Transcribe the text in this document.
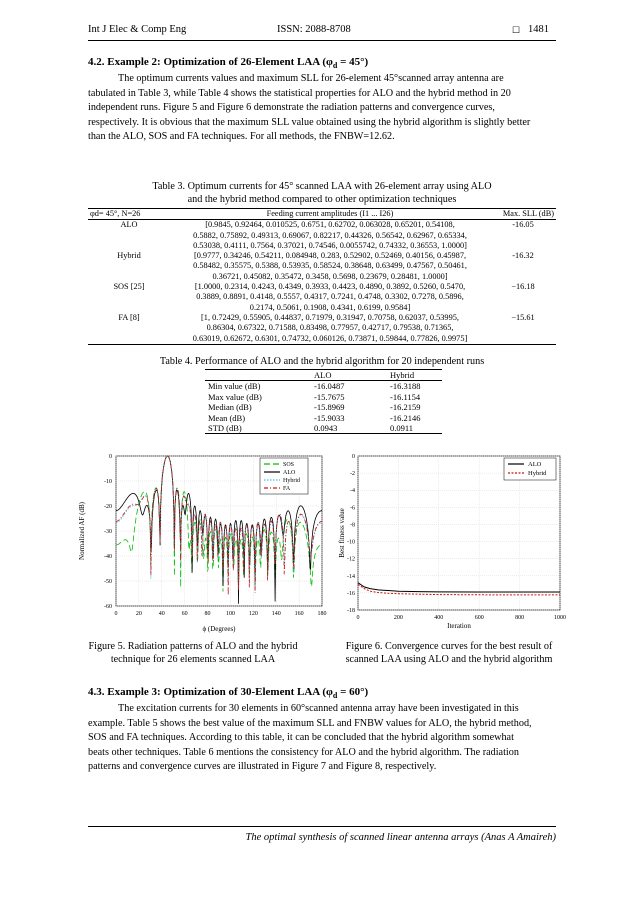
Int J Elec & Comp Eng	ISSN: 2088-8708	☐ 1481
4.2. Example 2: Optimization of 26-Element LAA $(\varphi_d = 45^\circ)$
The optimum currents values and maximum SLL for 26-element 45°scanned array antenna are
tabulated in Table 3, while Table 4 shows the statistical properties for ALO and the hybrid method in 20
independent runs. Figure 5 and Figure 6 demonstrate the radiation patterns and convergence curves,
respectively. It is obvious that the maximum SLL value obtained using the hybrid algorithm is slightly better
than the ALO, SOS and FA techniques. For all methods, the FNBW=12.62.
Table 3. Optimum currents for 45° scanned LAA with 26-element array using ALO
and the hybrid method compared to other optimization techniques
φd= 45°, N=26	Feeding current amplitudes (I1 ... I26)	Max. SLL (dB)
ALO	[0.9845, 0.92464, 0.010525, 0.6751, 0.62702, 0.063028, 0.65201, 0.54108,
0.5882, 0.75892, 0.49313, 0.69067, 0.82217, 0.44326, 0.56542, 0.62967, 0.65334,
0.53038, 0.4111, 0.7564, 0.37021, 0.74546, 0.0055742, 0.74332, 0.36553, 1.0000]	-16.05
Hybrid	[0.9777, 0.34246, 0.54211, 0.084948, 0.283, 0.52902, 0.52469, 0.40156, 0.45987,
0.58482, 0.35575, 0.5388, 0.53935, 0.58524, 0.38648, 0.63499, 0.47567, 0.50461,
0.36721, 0.45082, 0.35472, 0.3458, 0.5698, 0.23679, 0.28481, 1.0000]	-16.32
SOS [25]	[1.0000, 0.2314, 0.4243, 0.4349, 0.3933, 0.4423, 0.4890, 0.3892, 0.5260, 0.5470,
0.3889, 0.8891, 0.4148, 0.5557, 0.4317, 0.7241, 0.4748, 0.3302, 0.7278, 0.5896,
0.2174, 0.5061, 0.1908, 0.4341, 0.6199, 0.9584]	−16.18
FA [8]	[1, 0.72429, 0.55905, 0.44837, 0.71979, 0.31947, 0.70758, 0.62037, 0.53995,
0.86304, 0.67322, 0.71588, 0.83498, 0.77957, 0.42717, 0.79538, 0.71365,
0.63019, 0.62672, 0.6301, 0.74732, 0.060126, 0.73871, 0.59844, 0.77826, 0.9975]	−15.61
Table 4. Performance of ALO and the hybrid algorithm for 20 independent runs
	ALO	Hybrid
Min value (dB)	-16.0487	-16.3188
Max value (dB)	-15.7675	-16.1154
Median (dB)	-15.8969	-16.2159
Mean (dB)	-15.9033	-16.2146
STD (dB)	0.0943	0.0911
0	20	40	60	80	100 120 140 160 180
0
-10
-20
-30
-40
-50
-60
SOS
ALO
Hybrid
FA
ϕ (Degrees)
Normalized AF (dB)
0	200	400	600	800	1000
0
-2
-4
-6
-8
-10
-12
-14
-16
-18
ALO
Hybrid
Iteration
Best fitness value
Figure 5. Radiation patterns of ALO and the hybrid
technique for 26 elements scanned LAA
Figure 6. Convergence curves for the best result of
scanned LAA using ALO and the hybrid algorithm
4.3. Example 3: Optimization of 30-Element LAA $(\varphi_d = 60^\circ)$
The excitation currents for 30 elements in 60°scanned antenna array have been investigated in this
example. Table 5 shows the best value of the maximum SLL and FNBW values for ALO, the hybrid method,
SOS and FA techniques. According to this table, it can be concluded that the hybrid algorithm somewhat
beats other techniques. Table 6 mentions the consistency for ALO and the hybrid algorithm. The radiation
patterns and convergence curves are illustrated in Figure 7 and Figure 8, respectively.
The optimal synthesis of scanned linear antenna arrays (Anas A Amaireh)
